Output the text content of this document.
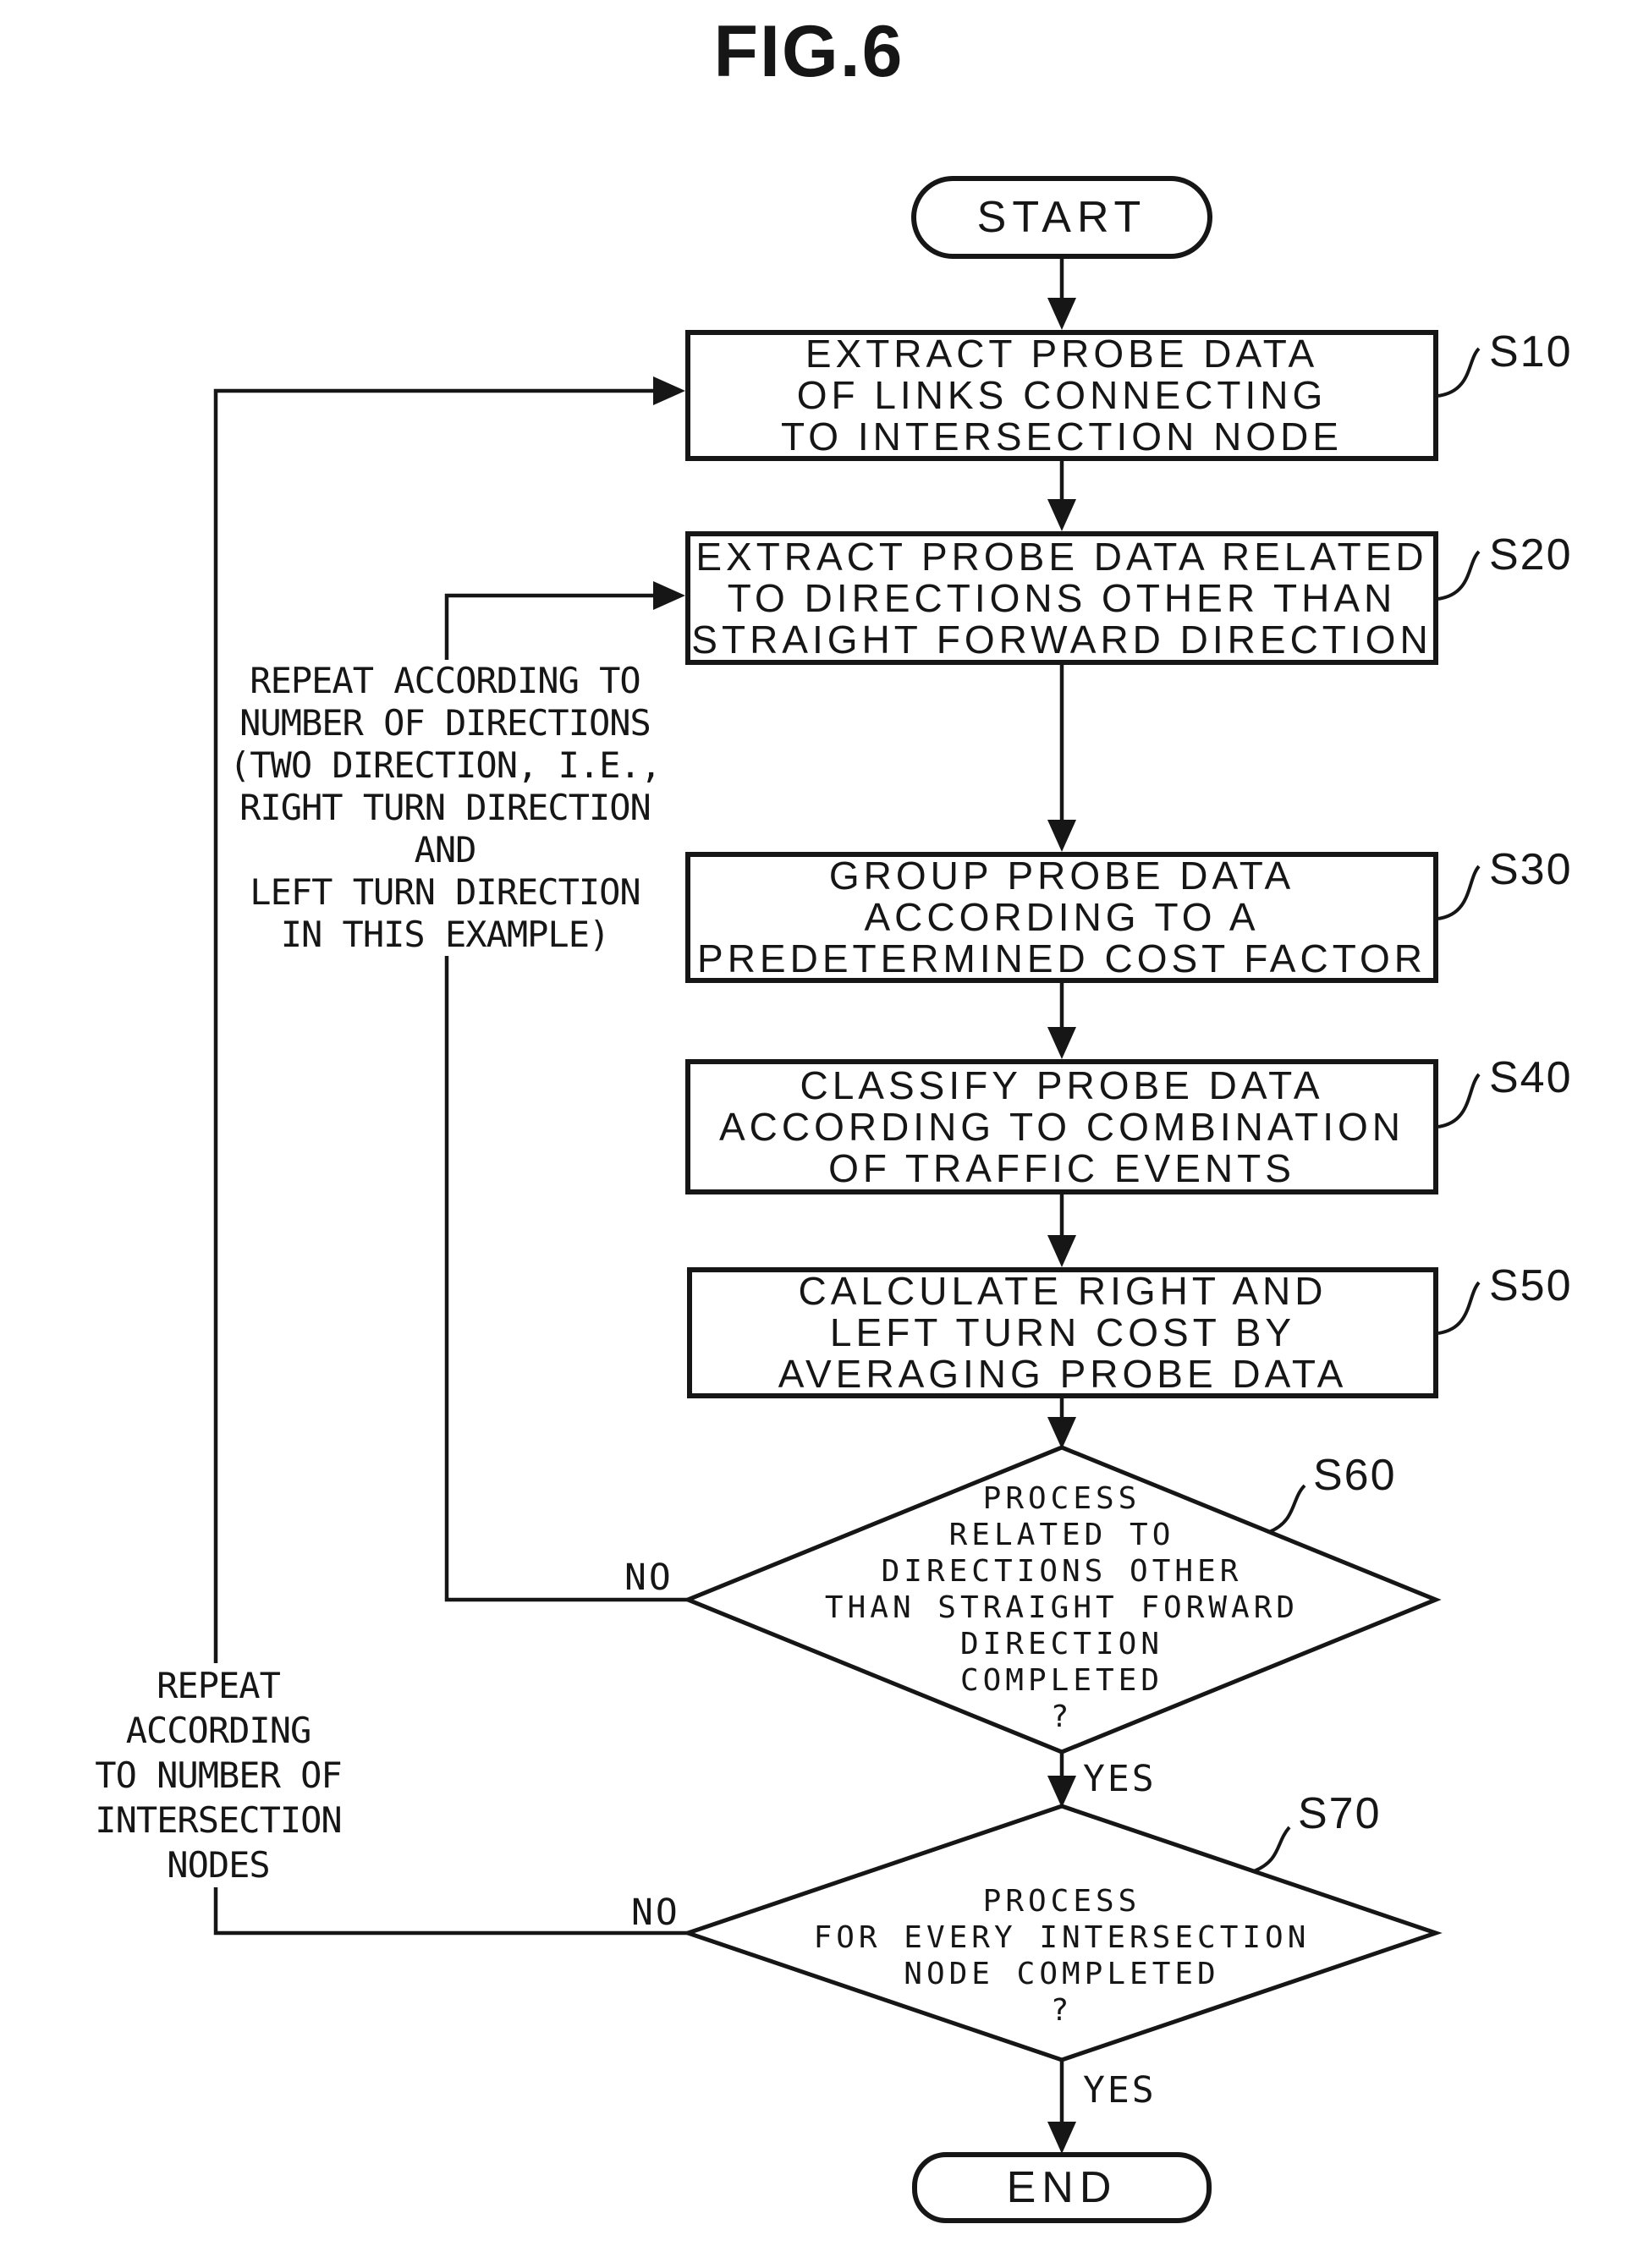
FIG.6
START
EXTRACT PROBE DATA
OF LINKS CONNECTING
TO INTERSECTION NODE
EXTRACT PROBE DATA RELATED
TO DIRECTIONS OTHER THAN
STRAIGHT FORWARD DIRECTION
GROUP PROBE DATA
ACCORDING TO A
PREDETERMINED COST FACTOR
CLASSIFY PROBE DATA
ACCORDING TO COMBINATION
OF TRAFFIC EVENTS
CALCULATE RIGHT AND
LEFT TURN COST BY
AVERAGING PROBE DATA
PROCESS
RELATED TO
DIRECTIONS OTHER
THAN STRAIGHT FORWARD
DIRECTION
COMPLETED
?
PROCESS
FOR EVERY INTERSECTION
NODE COMPLETED
?
END
S10
S20
S30
S40
S50
S60
S70
NO
YES
NO
YES
REPEAT ACCORDING TO
NUMBER OF DIRECTIONS
(TWO DIRECTION, I.E.,
RIGHT TURN DIRECTION
AND
LEFT TURN DIRECTION
IN THIS EXAMPLE)
REPEAT
ACCORDING
TO NUMBER OF
INTERSECTION
NODES
